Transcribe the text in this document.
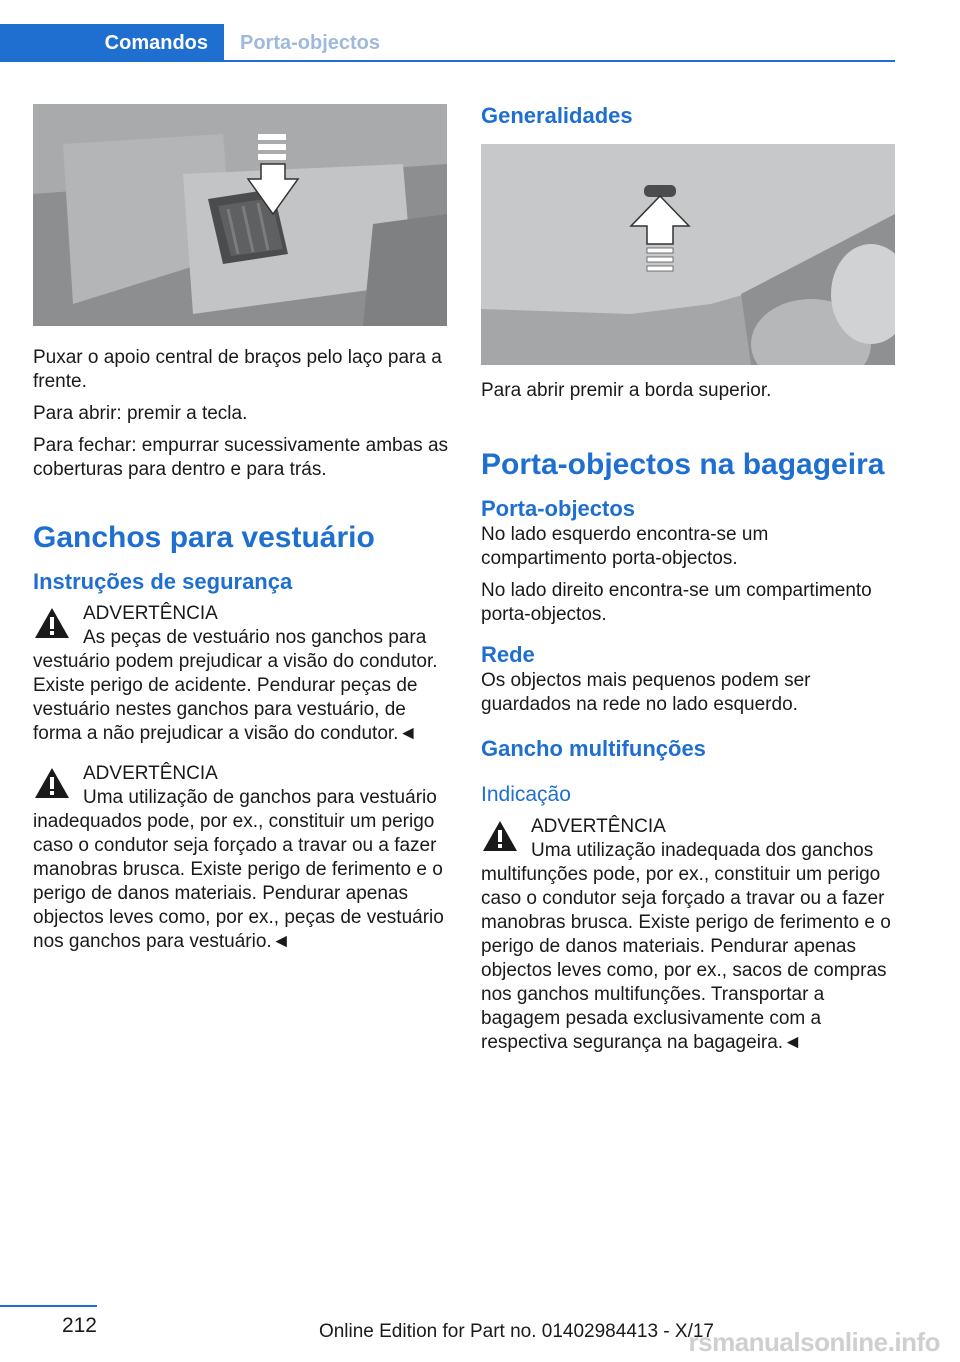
Comandos Porta-objectos

Puxar o apoio central de braços pelo laço para a frente.

Para abrir: premir a tecla.

Para fechar: empurrar sucessivamente ambas as coberturas para dentro e para trás.

Ganchos para vestuário
Instruções de segurança

ADVERTÊNCIA

As peças de vestuário nos ganchos para vestuário podem prejudicar a visão do condutor. Existe perigo de acidente. Pendurar peças de vestuário nestes ganchos para vestuário, de forma a não prejudicar a visão do condutor.◄

ADVERTÊNCIA

Uma utilização de ganchos para vestuário inadequados pode, por ex., constituir um perigo caso o condutor seja forçado a travar ou a fazer manobras brusca. Existe perigo de ferimento e o perigo de danos materiais. Pendurar apenas objectos leves como, por ex., peças de vestuário nos ganchos para vestuário.◄

Generalidades

Para abrir premir a borda superior.

Porta-objectos na bagageira
Porta-objectos

No lado esquerdo encontra-se um compartimento porta-objectos.

No lado direito encontra-se um compartimento porta-objectos.

Rede

Os objectos mais pequenos podem ser guardados na rede no lado esquerdo.

Gancho multifunções
Indicação

ADVERTÊNCIA

Uma utilização inadequada dos ganchos multifunções pode, por ex., constituir um perigo caso o condutor seja forçado a travar ou a fazer manobras brusca. Existe perigo de ferimento e o perigo de danos materiais. Pendurar apenas objectos leves como, por ex., sacos de compras nos ganchos multifunções. Transportar a bagagem pesada exclusivamente com a respectiva segurança na bagageira.◄

212
rsmanualsonline.info
Online Edition for Part no. 01402984413 - X/17
